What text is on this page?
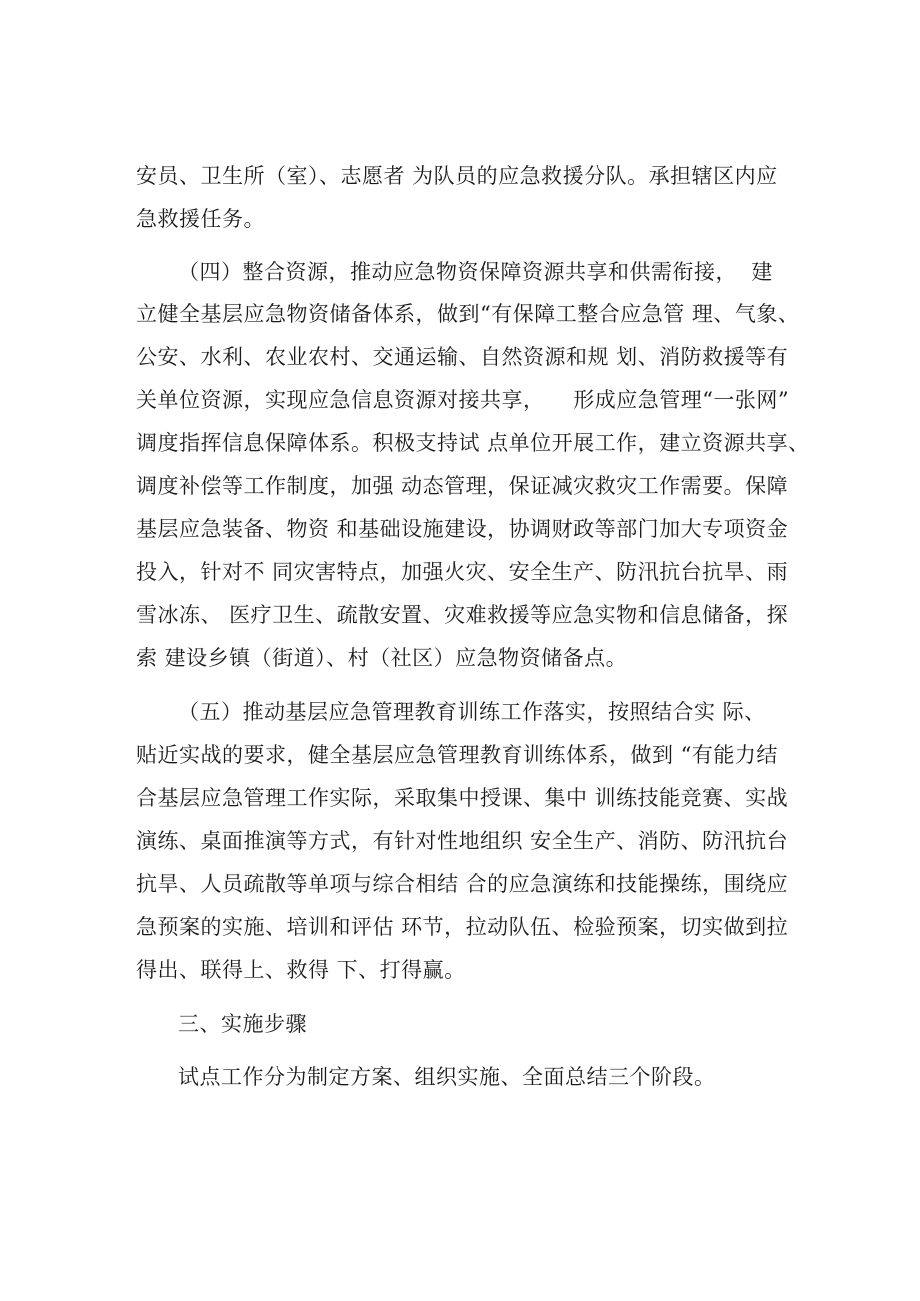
安员、卫生所（室）、志愿者 为队员的应急救援分队。承担辖区内应
急救援任务。
（四）整合资源，推动应急物资保障资源共享和供需衔接，  建
立健全基层应急物资储备体系，做到“有保障工整合应急管 理、气象、
公安、水利、农业农村、交通运输、自然资源和规 划、消防救援等有
关单位资源，实现应急信息资源对接共享，    形成应急管理“一张网”
调度指挥信息保障体系。积极支持试 点单位开展工作，建立资源共享、
调度补偿等工作制度，加强 动态管理，保证减灾救灾工作需要。保障
基层应急装备、物资 和基础设施建设，协调财政等部门加大专项资金
投入，针对不 同灾害特点，加强火灾、安全生产、防汛抗台抗旱、雨
雪冰冻、 医疗卫生、疏散安置、灾难救援等应急实物和信息储备，探
索 建设乡镇（街道）、村（社区）应急物资储备点。
（五）推动基层应急管理教育训练工作落实，按照结合实 际、
贴近实战的要求，健全基层应急管理教育训练体系，做到 “有能力结
合基层应急管理工作实际，采取集中授课、集中 训练技能竞赛、实战
演练、桌面推演等方式，有针对性地组织 安全生产、消防、防汛抗台
抗旱、人员疏散等单项与综合相结 合的应急演练和技能操练，围绕应
急预案的实施、培训和评估 环节，拉动队伍、检验预案，切实做到拉
得出、联得上、救得 下、打得赢。
三、实施步骤
试点工作分为制定方案、组织实施、全面总结三个阶段。
